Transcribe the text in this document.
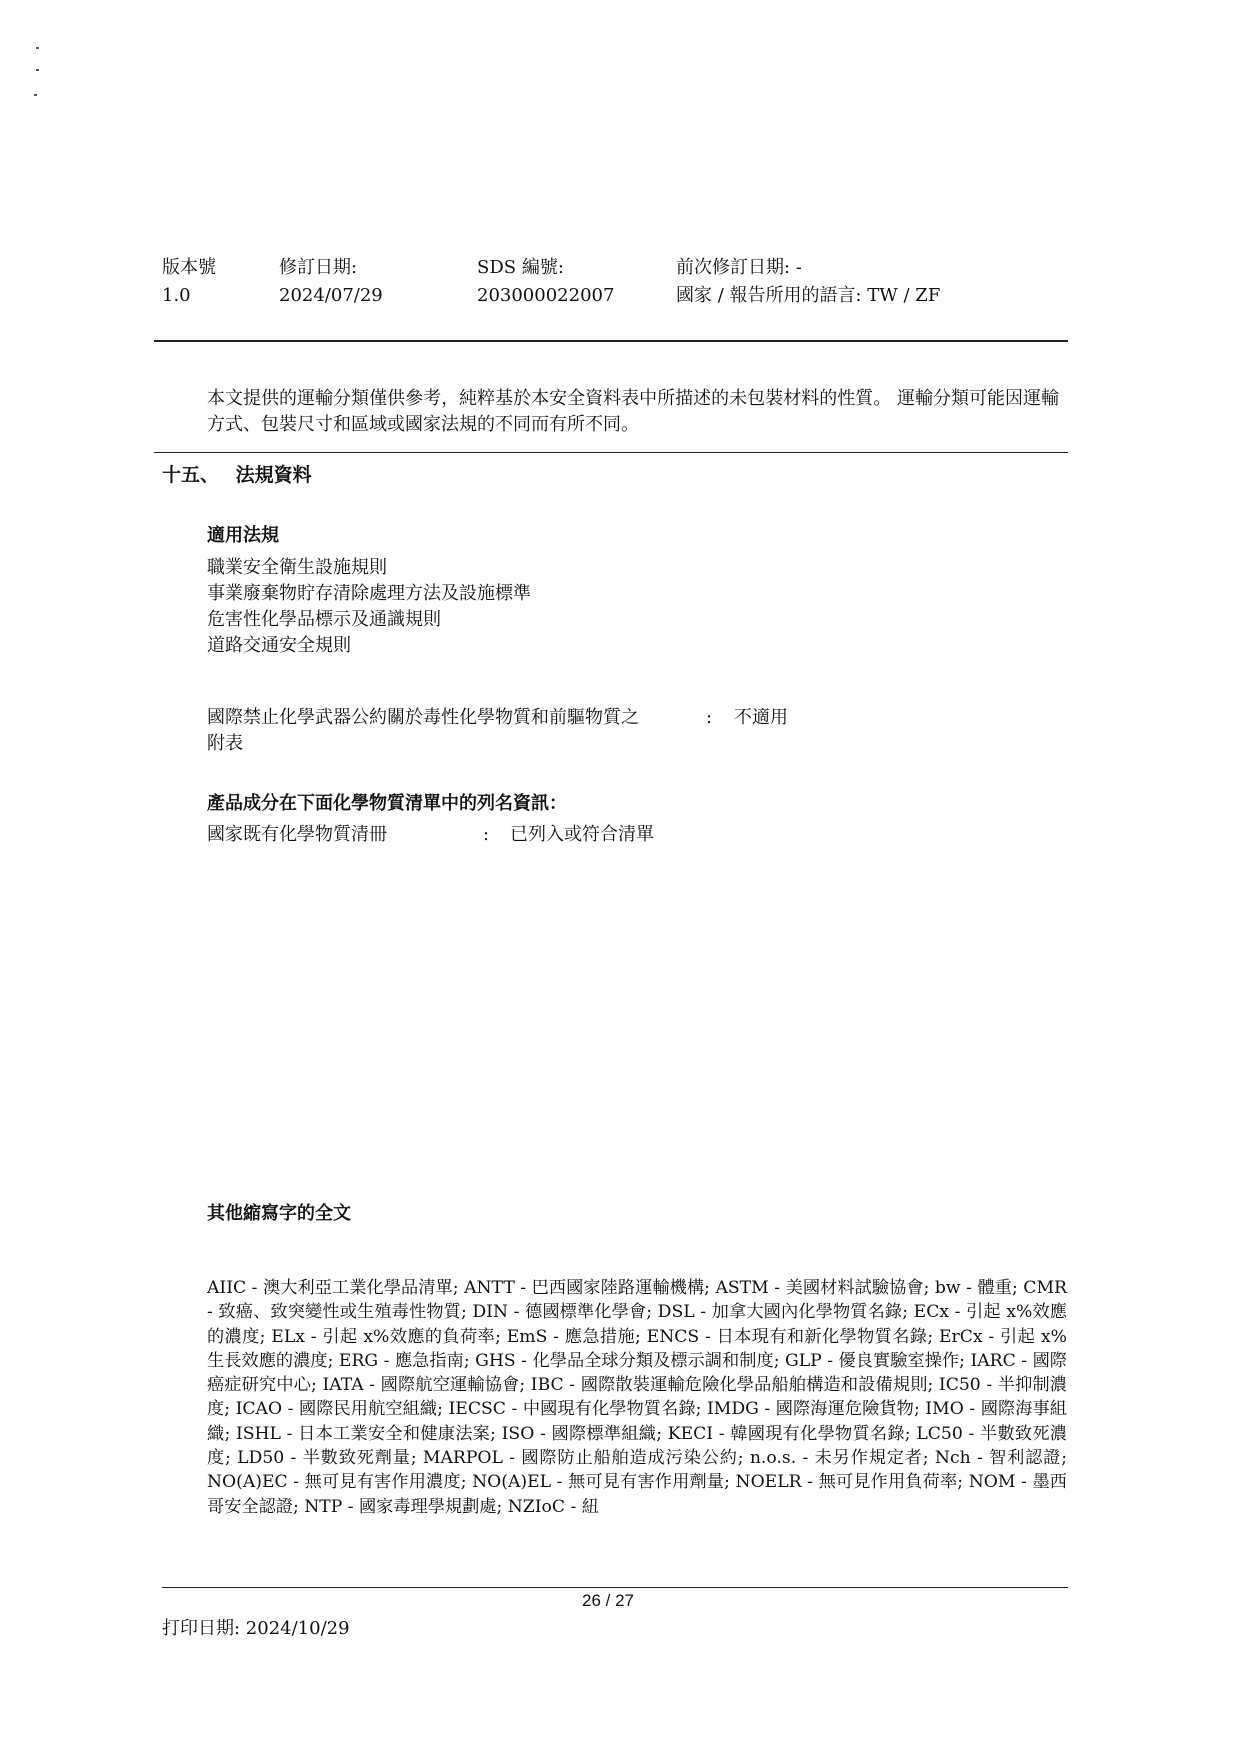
版本號
1.0
修訂日期:
2024/07/29
SDS 編號:
203000022007
前次修訂日期: -
國家 / 報告所用的語言: TW / ZF
本文提供的運輸分類僅供參考，純粹基於本安全資料表中所描述的未包裝材料的性質。 運輸分類可能因運輸方式、包裝尺寸和區域或國家法規的不同而有所不同。
十五、 法規資料
適用法規
職業安全衛生設施規則
事業廢棄物貯存清除處理方法及設施標準
危害性化學品標示及通識規則
道路交通安全規則
國際禁止化學武器公約關於毒性化學物質和前驅物質之
附表
: 不適用
產品成分在下面化學物質清單中的列名資訊：
國家既有化學物質清冊	: 已列入或符合清單
其他縮寫字的全文
AIIC - 澳大利亞工業化學品清單; ANTT - 巴西國家陸路運輸機構; ASTM - 美國材料試驗協會; bw - 體重; CMR - 致癌、致突變性或生殖毒性物質; DIN - 德國標準化學會; DSL - 加拿大國內化學物質名錄; ECx - 引起 x%效應的濃度; ELx - 引起 x%效應的負荷率; EmS - 應急措施; ENCS - 日本現有和新化學物質名錄; ErCx - 引起 x%生長效應的濃度; ERG - 應急指南; GHS - 化學品全球分類及標示調和制度; GLP - 優良實驗室操作; IARC - 國際癌症研究中心; IATA - 國際航空運輸協會; IBC - 國際散裝運輸危險化學品船舶構造和設備規則; IC50 - 半抑制濃度; ICAO - 國際民用航空組織; IECSC - 中國現有化學物質名錄; IMDG - 國際海運危險貨物; IMO - 國際海事組織; ISHL - 日本工業安全和健康法案; ISO - 國際標準組織; KECI - 韓國現有化學物質名錄; LC50 - 半數致死濃度; LD50 - 半數致死劑量; MARPOL - 國際防止船舶造成污染公約; n.o.s. - 未另作規定者; Nch - 智利認證; NO(A)EC - 無可見有害作用濃度; NO(A)EL - 無可見有害作用劑量; NOELR - 無可見作用負荷率; NOM - 墨西哥安全認證; NTP - 國家毒理學規劃處; NZIoC - 紐
26 / 27
打印日期: 2024/10/29
